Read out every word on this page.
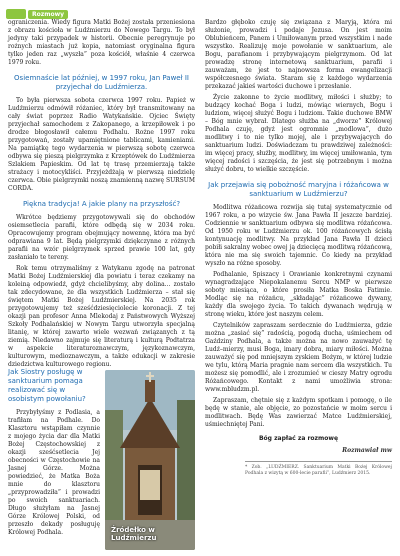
Rozmowy

ograniczenia. Wiedy figura Matki Bożej została przeniesiona z obrazu kościoła w Ludźmierzu do Nowego Targu. To był jedyny taki przypadek w historii. Obecnie peregrynuje po rożnych miastach już kopia, natomiast oryginalna figura tylko jeden raz „wyszła” poza kościół, właśnie 4 czerwca 1979 roku.

Osiemnaście lat później, w 1997 roku, Jan Paweł II przyjechał do Ludźmierza.

To była pierwsza sobota czerwca 1997 roku. Papież w Ludźmierzu odmówił różaniec, który był transmitowany na cały świat poprzez Radio Watykańskie. Ojciec Święty przyjechał samochodem z Zakopanego, a krzepiłowek i po drodze błogosławił całemu Podhalu. Rożne 1997 roku przygotowań, zostały upamiętnione tablicami, kamieniami. Na pamiątkę tego wydarzenia w pierwszą sobotę czerwca odbywa się pieszą pielgrzymka z Krzeptówek do Ludźmierza Szlakiem Papieskim. Od lat tę trasę przemierzają także strażacy i motocykliści. Przyjeżdżają w pierwszą niedzielę czerwca. Obie pielgrzymki noszą znamienną nazwę SURSUM CORDA.

Piękna tradycja! A jakie plany na przyszłość?

Wkrótce będziemy przygotowywali się do obchodów osiemsetlecia parafii, które odbędą się w 2034 roku. Opracowujemy program obejmujący nowennę, która ma być odprawiana 9 lat. Będą pielgrzymki dziękczynne z różnych parafii na wzór pielgrzymek sprzed prawie 100 lat, gdy zasłaniało te tereny.

Rok temu otrzymaliśmy z Watykanu zgodę na patronat Matki Bożej Ludźmierskiej dla powiatu i teraz czekamy na koleiną odpowiedź, gdyż chcielibyśmy, aby dolina... zostało tak zdecydowane, że dla wszystkich Ludźmierza – stał się świętem Matki Bożej Ludźmierskiej. Na 2035 rok przygotowujemy też sześćdziesięciolecie koronacji. Z tej okazji pan profesor Anna Mlekodaj z Państwowych Wyższej Szkoły Podhalańskiej w Nowym Targu utworzyła specjalną litanię, w której zawarto wiele wezwań związanych z tą ziemią. Niedawno zajmuje się literaturą i kulturą Podtatrza w aspekcie literaturoznawczym, językoznawczym, kulturowym, medioznawczym, a także edukacji w zakresie dziedzictwa kulturowego regionu.

Jak Siostry posługę w sanktuarium pomaga realizować się w osobistym powołaniu?

Przybyłyśmy z Podlasia, a trafiłam na Podhale. Do Klasztoru wstąpiłam czynnie z mojego życia dar dla Matki Bożej Częstochowskiej z okazji sześćsetlecia Jej obecności w Częstochowie na Jasnej Górze. Można powiedzieć, że Matka Boża mnie do klasztoru „przyprowadziła” i prowadzi po swoich sanktuariach. Długo służyłam na Jasnej Górze Królowej Polski, od przeszło dekady posługuję Królowej Podhala.	Źródełko w Ludźmierzu

Bardzo głęboko czuję się związana z Maryją, która mi służonie, prowadzi i podaje Jezusa. On jest moim Oblubieńcem, Panem i Umiłowanym przed wszystkim i nade wszystko. Realizuję moje powołanie w sanktuarium, ale Bogu, parafianom i przybywającym pielgrzymom. Od lat prowadzę stronę internetową sanktuarium, parafii i zauważam, że jest to najnowsza forma ewangelizacji współczesnego świata. Staram się z każdego wydarzenia przekazać jakieś wartości duchowe i przesłanie.

Życie zakonne to życie modlitwy, miłości i służby; to budzący kochać Boga i ludzi, mówiąc wiernych, Bogu i ludziom, więcej służyć Bogu i ludziom. Takie duchowe BMW – Bóg mnie wybrał. Dlatego służba na „dworze” Królowej Podhala czuję, gdyż jest ogromnie „modlowa”, dużo modlitwy i to nie tylko mojej, ale i przybywających do sanktuarium ludzi. Doświadczam tu prawdziwej zależności: im więcej pracy, służby, modlitwy, im więcej umiłowania, tym więcej radości i szczęścia, że jest się potrzebnym i można służyć dobru, to wielkie szczęście.

Jak przejawia się pobożność maryjna i różańcowa w sanktuarium w Ludźmierzu?

Modlitwa różańcowa rozwija się tutaj systematycznie od 1967 roku, a po wizycie św. Jana Pawła II jeszcze bardziej. Codziennie w sanktuarium odbywa się modlitwa różańcowa. Od 1950 roku w Ludźmierzu ok. 100 różańcowych ścisłą kontynuację modlitwy. Na przykład Jana Pawła II dzieci pobiłi sakralny wobec owej ją dziecięcą modlitwą różańcową, która nie ma się swoich tajemnic. Co kiedy na przykład wyszło na różne sposoby.

Podhalanie, Spiszacy i Orawianie konkretnymi czynami wynagradzające Niepokalanemu Sercu NMP w pierwsze soboty miesiąca, o które prosiła Matka Boska Fatimie. Modląc się na różańcu, „składając” różańcowe dywany, każdy dla swojego życia. To takich dywanach wędrują w stronę wieku, które jest naszym celem.

Czytelników zapraszam serdecznie do Ludźmierza, gdzie można „zasiać się” radością, pogodą ducha, uśmiechem od Gaździny Podhala, a także można na nowo zauważyć tę Ludź–mierzy, musi Boga, imary dobra, miary miłości. Można zauważyć się pod mniejszym zyskiem Bożym, w której ludzie we tylu, którą Maria pragnie nam sercem dla wszystkich. Tu możesz się pomodlić, ale i zrozumieć w cieszy Matry ogrodu Różańcowego. Kontakt z nami umożliwia strona: www.mbludzm.pl.

Zapraszam, chętnie się z każdym spotkam i pomogę, o ile będę w stanie, ale objęcie, zo pozostańcie w moim sercu i modlitwach. Będę Was zawierzać Matce Ludźmierskiej, uśmiechniętej Pani.

Bóg zapłać za rozmowę
Rozmawiał mw
* Zob. „LUDŹMIERZ. Sanktuarium Matki Bożej Królowej Podhala z wizytą w 600-lecie parafii”, Ludźmierz 2015.
